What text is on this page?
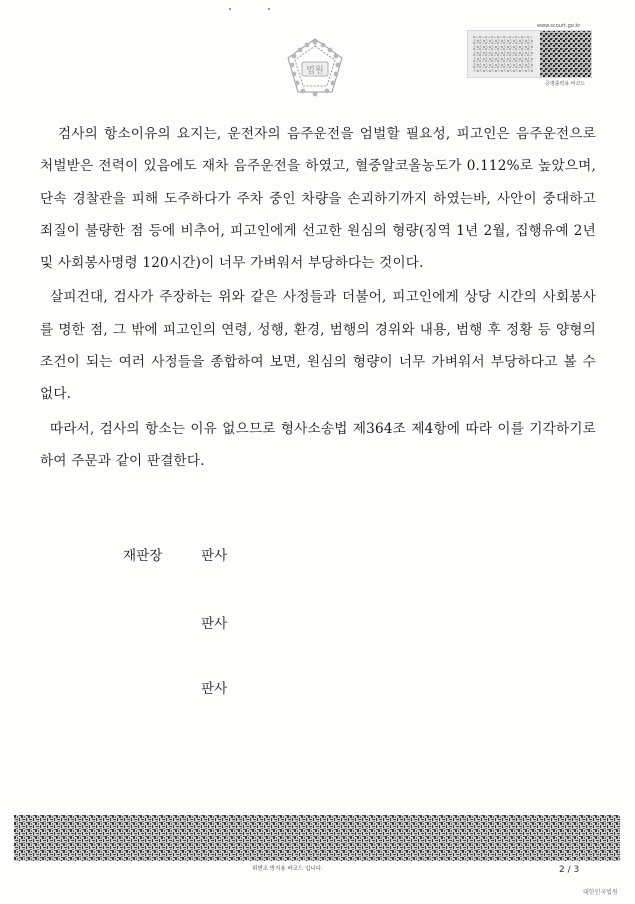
법원
www.scourt.go.kr
증명출력용 바코드

검사의 항소이유의 요지는, 운전자의 음주운전을 엄벌할 필요성, 피고인은 음주운전으로 처벌받은 전력이 있음에도 재차 음주운전을 하였고, 혈중알코올농도가 0.112%로 높았으며, 단속 경찰관을 피해 도주하다가 주차 중인 차량을 손괴하기까지 하였는바, 사안이 중대하고 죄질이 불량한 점 등에 비추어, 피고인에게 선고한 원심의 형량(징역 1년 2월, 집행유예 2년 및 사회봉사명령 120시간)이 너무 가벼워서 부당하다는 것이다.

살피건대, 검사가 주장하는 위와 같은 사정들과 더불어, 피고인에게 상당 시간의 사회봉사를 명한 점, 그 밖에 피고인의 연령, 성행, 환경, 범행의 경위와 내용, 범행 후 정황 등 양형의 조건이 되는 여러 사정들을 종합하여 보면, 원심의 형량이 너무 가벼워서 부당하다고 볼 수 없다.

따라서, 검사의 항소는 이유 없으므로 형사소송법 제364조 제4항에 따라 이를 기각하기로 하여 주문과 같이 판결한다.

재판장	판사
판사
판사
위변조 방지용 바코드 입니다.	2 / 3
대한민국법원
